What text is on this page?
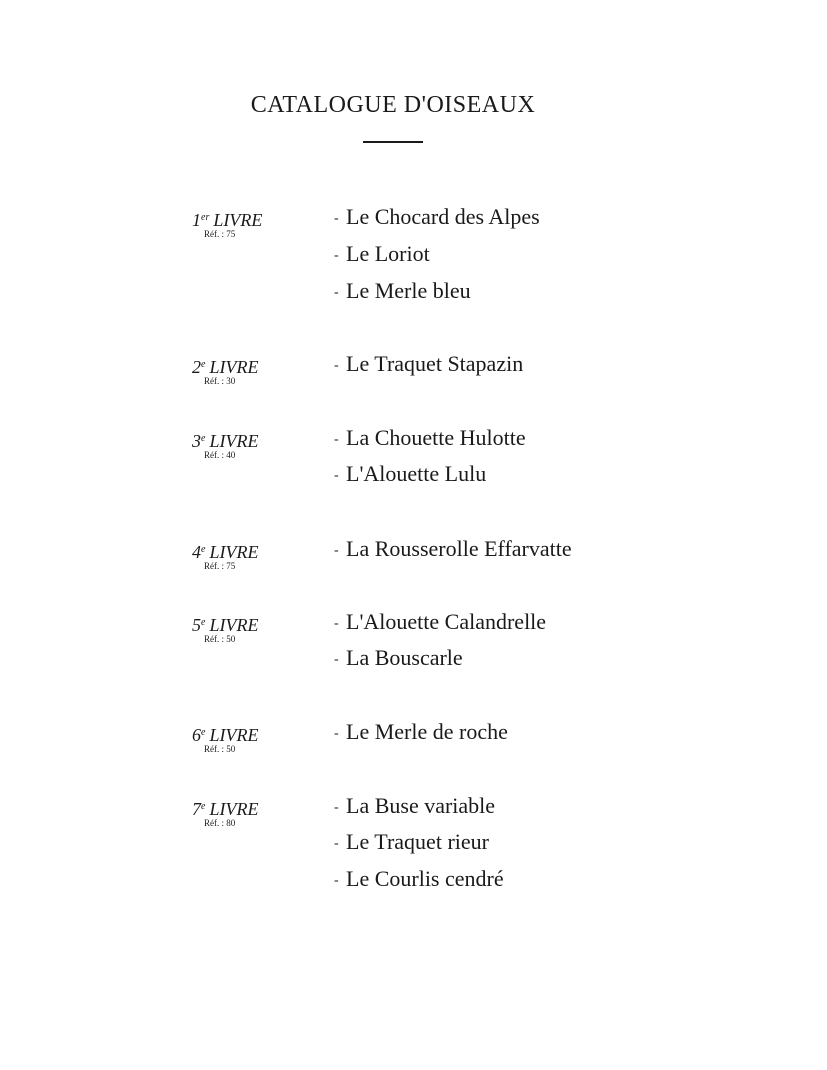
CATALOGUE D'OISEAUX
1er LIVRE
Réf. : 75
- Le Chocard des Alpes
- Le Loriot
- Le Merle bleu
2e LIVRE
Réf. : 30
- Le Traquet Stapazin
3e LIVRE
Réf. : 40
- La Chouette Hulotte
- L'Alouette Lulu
4e LIVRE
Réf. : 75
- La Rousserolle Effarvatte
5e LIVRE
Réf. : 50
- L'Alouette Calandrelle
- La Bouscarle
6e LIVRE
Réf. : 50
- Le Merle de roche
7e LIVRE
Réf. : 80
- La Buse variable
- Le Traquet rieur
- Le Courlis cendré
